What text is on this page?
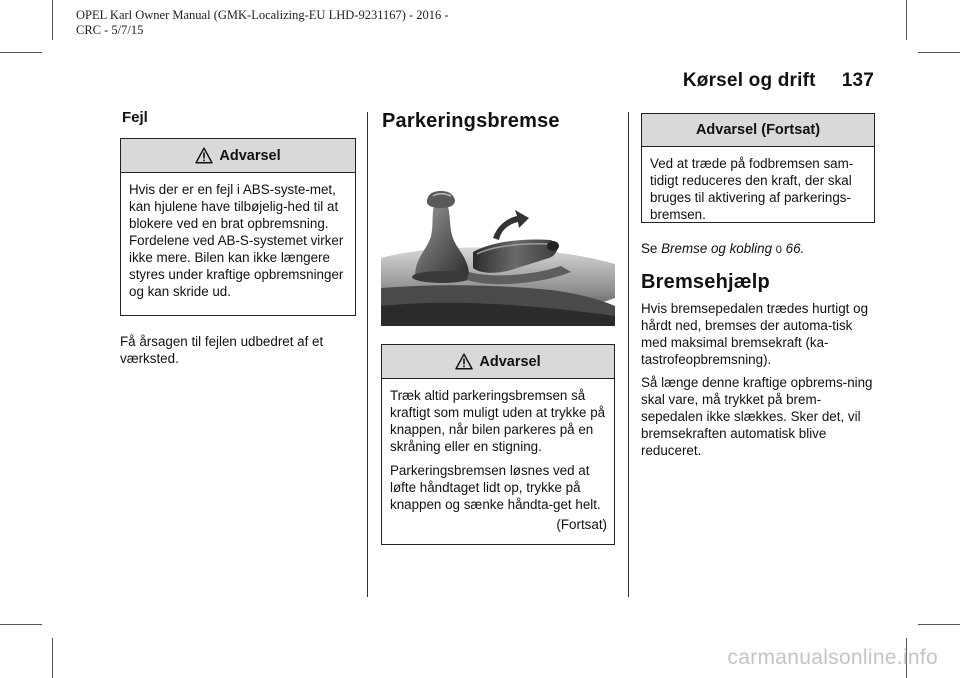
OPEL Karl Owner Manual (GMK-Localizing-EU LHD-9231167) - 2016 -
CRC - 5/7/15
Kørsel og drift 137
Fejl
Advarsel

Hvis der er en fejl i ABS-syste-met, kan hjulene have tilbøjelig-hed til at blokere ved en brat opbremsning. Fordelene ved AB-S-systemet virker ikke mere. Bilen kan ikke længere styres under kraftige opbremsninger og kan skride ud.

Få årsagen til fejlen udbedret af et værksted.

Parkeringsbremse
Advarsel

Træk altid parkeringsbremsen så kraftigt som muligt uden at trykke på knappen, når bilen parkeres på en skråning eller en stigning.

Parkeringsbremsen løsnes ved at løfte håndtaget lidt op, trykke på knappen og sænke håndta-get helt.

(Fortsat)
Advarsel (Fortsat)

Ved at træde på fodbremsen sam-tidigt reduceres den kraft, der skal bruges til aktivering af parkerings-bremsen.

Se Bremse og kobling 0 66.

Bremsehjælp

Hvis bremsepedalen trædes hurtigt og hårdt ned, bremses der automa-tisk med maksimal bremsekraft (ka-tastrofeopbremsning).

Så længe denne kraftige opbrems-ning skal vare, må trykket på brem-sepedalen ikke slækkes. Sker det, vil bremsekraften automatisk blive reduceret.

carmanualsonline.info
